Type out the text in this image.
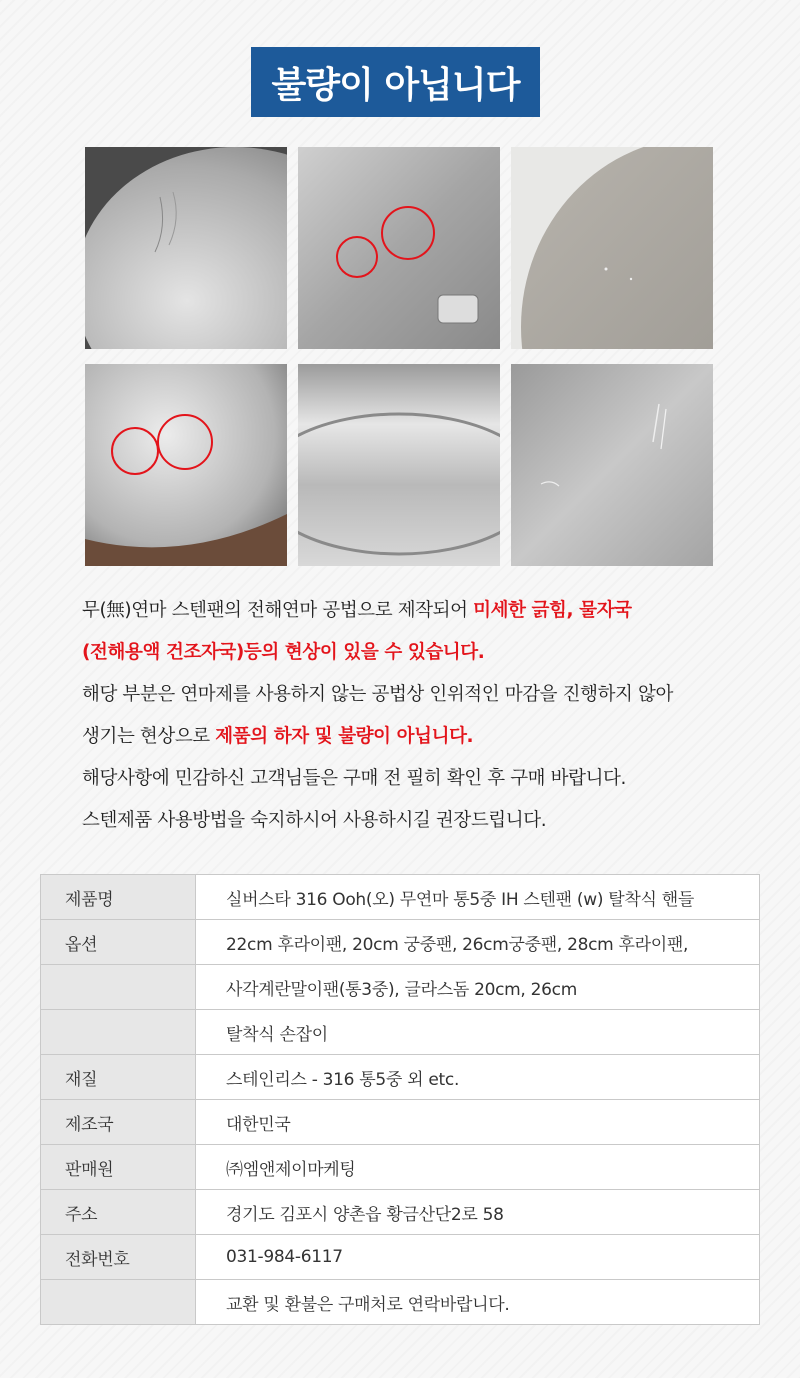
불량이 아닙니다

무(無)연마 스텐팬의 전해연마 공법으로 제작되어 미세한 긁힘, 물자국

(전해용액 건조자국)등의 현상이 있을 수 있습니다.

해당 부분은 연마제를 사용하지 않는 공법상 인위적인 마감을 진행하지 않아

생기는 현상으로 제품의 하자 및 불량이 아닙니다.

해당사항에 민감하신 고객님들은 구매 전 필히 확인 후 구매 바랍니다.

스텐제품 사용방법을 숙지하시어 사용하시길 권장드립니다.

제품명	실버스타 316 Ooh(오) 무연마 통5중 IH 스텐팬 (w) 탈착식 핸들
옵션	22cm 후라이팬, 20cm 궁중팬, 26cm궁중팬, 28cm 후라이팬,
	사각계란말이팬(통3중), 글라스돔 20cm, 26cm
	탈착식 손잡이
재질	스테인리스 - 316 통5중 외 etc.
제조국	대한민국
판매원	㈜엠앤제이마케팅
주소	경기도 김포시 양촌읍 황금산단2로 58
전화번호	031-984-6117
	교환 및 환불은 구매처로 연락바랍니다.
